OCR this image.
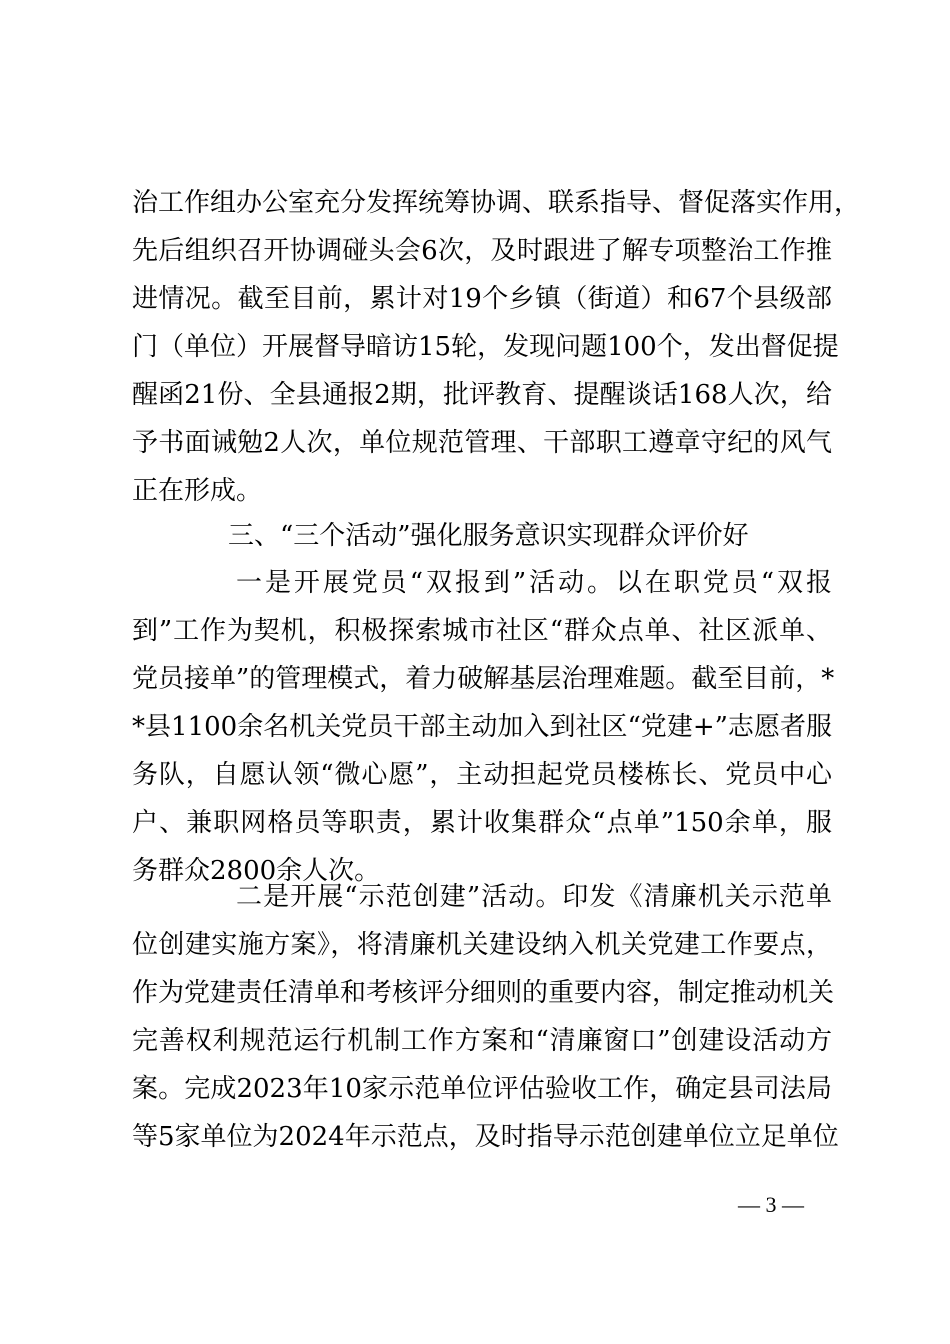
治工作组办公室充分发挥统筹协调、联系指导、督促落实作用，
先后组织召开协调碰头会6次，及时跟进了解专项整治工作推
进情况。截至目前，累计对19个乡镇（街道）和67个县级部
门（单位）开展督导暗访15轮，发现问题100个，发出督促提
醒函21份、全县通报2期，批评教育、提醒谈话168人次，给
予书面诫勉2人次，单位规范管理、干部职工遵章守纪的风气
正在形成。
三、“三个活动”强化服务意识实现群众评价好
一是开展党员“双报到”活动。以在职党员“双报
到”工作为契机，积极探索城市社区“群众点单、社区派单、
党员接单”的管理模式，着力破解基层治理难题。截至目前，*
*县1100余名机关党员干部主动加入到社区“党建+”志愿者服
务队，自愿认领“微心愿”，主动担起党员楼栋长、党员中心
户、兼职网格员等职责，累计收集群众“点单”150余单，服
务群众2800余人次。
二是开展“示范创建”活动。印发《清廉机关示范单
位创建实施方案》，将清廉机关建设纳入机关党建工作要点，
作为党建责任清单和考核评分细则的重要内容，制定推动机关
完善权利规范运行机制工作方案和“清廉窗口”创建设活动方
案。完成2023年10家示范单位评估验收工作，确定县司法局
等5家单位为2024年示范点，及时指导示范创建单位立足单位
— 3 —
